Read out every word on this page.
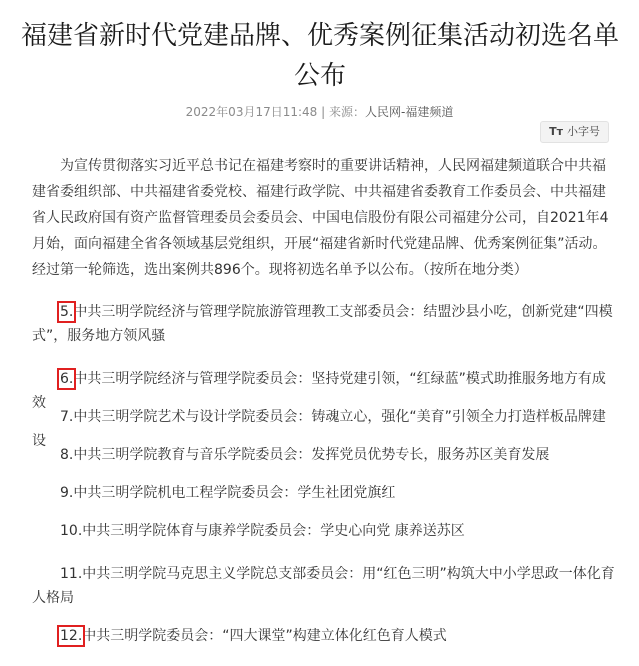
福建省新时代党建品牌、优秀案例征集活动初选名单公布
2022年03月17日11:48 | 来源：人民网-福建频道
Tт 小字号

为宣传贯彻落实习近平总书记在福建考察时的重要讲话精神，人民网福建频道联合中共福建省委组织部、中共福建省委党校、福建行政学院、中共福建省委教育工作委员会、中共福建省人民政府国有资产监督管理委员会委员会、中国电信股份有限公司福建分公司，自2021年4月始，面向福建全省各领域基层党组织，开展“福建省新时代党建品牌、优秀案例征集”活动。经过第一轮筛选，选出案例共896个。现将初选名单予以公布。（按所在地分类）

5.中共三明学院经济与管理学院旅游管理教工支部委员会：结盟沙县小吃，创新党建“四模式”，服务地方领风骚

6.中共三明学院经济与管理学院委员会：坚持党建引领，“红绿蓝”模式助推服务地方有成效

7.中共三明学院艺术与设计学院委员会：铸魂立心，强化“美育”引领全力打造样板品牌建设

8.中共三明学院教育与音乐学院委员会：发挥党员优势专长，服务苏区美育发展

9.中共三明学院机电工程学院委员会：学生社团党旗红

10.中共三明学院体育与康养学院委员会：学史心向党 康养送苏区

11.中共三明学院马克思主义学院总支部委员会：用“红色三明”构筑大中小学思政一体化育人格局

12.中共三明学院委员会：“四大课堂”构建立体化红色育人模式
